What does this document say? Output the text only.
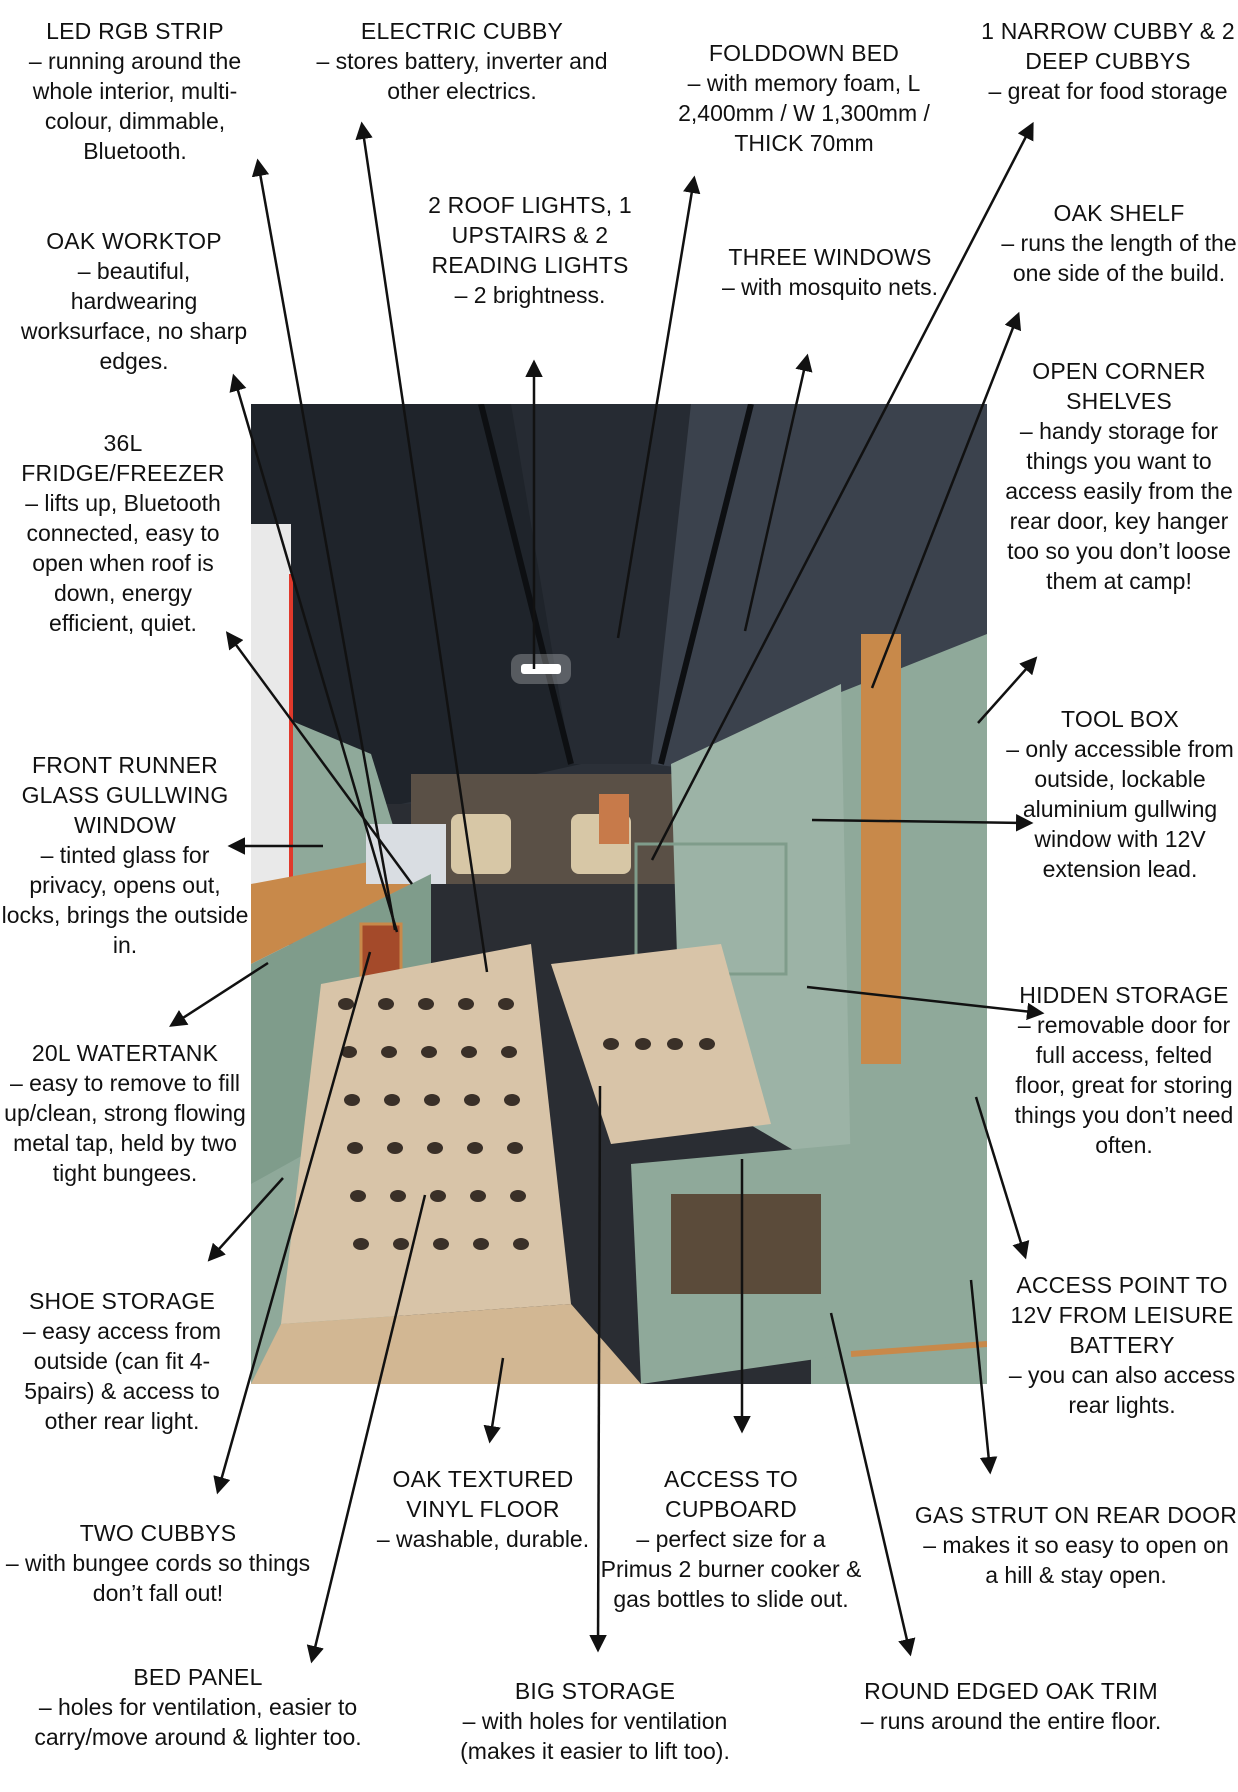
LED RGB STRIP
– running around the whole interior, multi-colour, dimmable, Bluetooth.
ELECTRIC CUBBY
– stores battery, inverter and other electrics.
FOLDDOWN BED
– with memory foam, L 2,400mm / W 1,300mm / THICK 70mm
1 NARROW CUBBY & 2 DEEP CUBBYS
– great for food storage
2 ROOF LIGHTS, 1 UPSTAIRS & 2 READING LIGHTS
– 2 brightness.
THREE WINDOWS
– with mosquito nets.
OAK SHELF
– runs the length of the one side of the build.
OAK WORKTOP
– beautiful, hardwearing worksurface, no sharp edges.	OPEN CORNER SHELVES
– handy storage for things you want to access easily from the rear door, key hanger too so you don’t loose them at camp!
36L FRIDGE/FREEZER
– lifts up, Bluetooth connected, easy to open when roof is down, energy efficient, quiet.
TOOL BOX
– only accessible from outside, lockable aluminium gullwing window with 12V extension lead.
FRONT RUNNER GLASS GULLWING WINDOW
– tinted glass for privacy, opens out, locks, brings the outside in.
HIDDEN STORAGE
– removable door for full access, felted floor, great for storing things you don’t need often.
20L WATERTANK
– easy to remove to fill up/clean, strong flowing metal tap, held by two tight bungees.
ACCESS POINT TO 12V FROM LEISURE BATTERY
– you can also access rear lights.
SHOE STORAGE
– easy access from outside (can fit 4-5pairs) & access to other rear light.
OAK TEXTURED VINYL FLOOR
– washable, durable.
ACCESS TO CUPBOARD
– perfect size for a Primus 2 burner cooker & gas bottles to slide out.
GAS STRUT ON REAR DOOR
– makes it so easy to open on a hill & stay open.
TWO CUBBYS
– with bungee cords so things don’t fall out!
BED PANEL
– holes for ventilation, easier to carry/move around & lighter too.
BIG STORAGE
– with holes for ventilation (makes it easier to lift too).
ROUND EDGED OAK TRIM
– runs around the entire floor.
